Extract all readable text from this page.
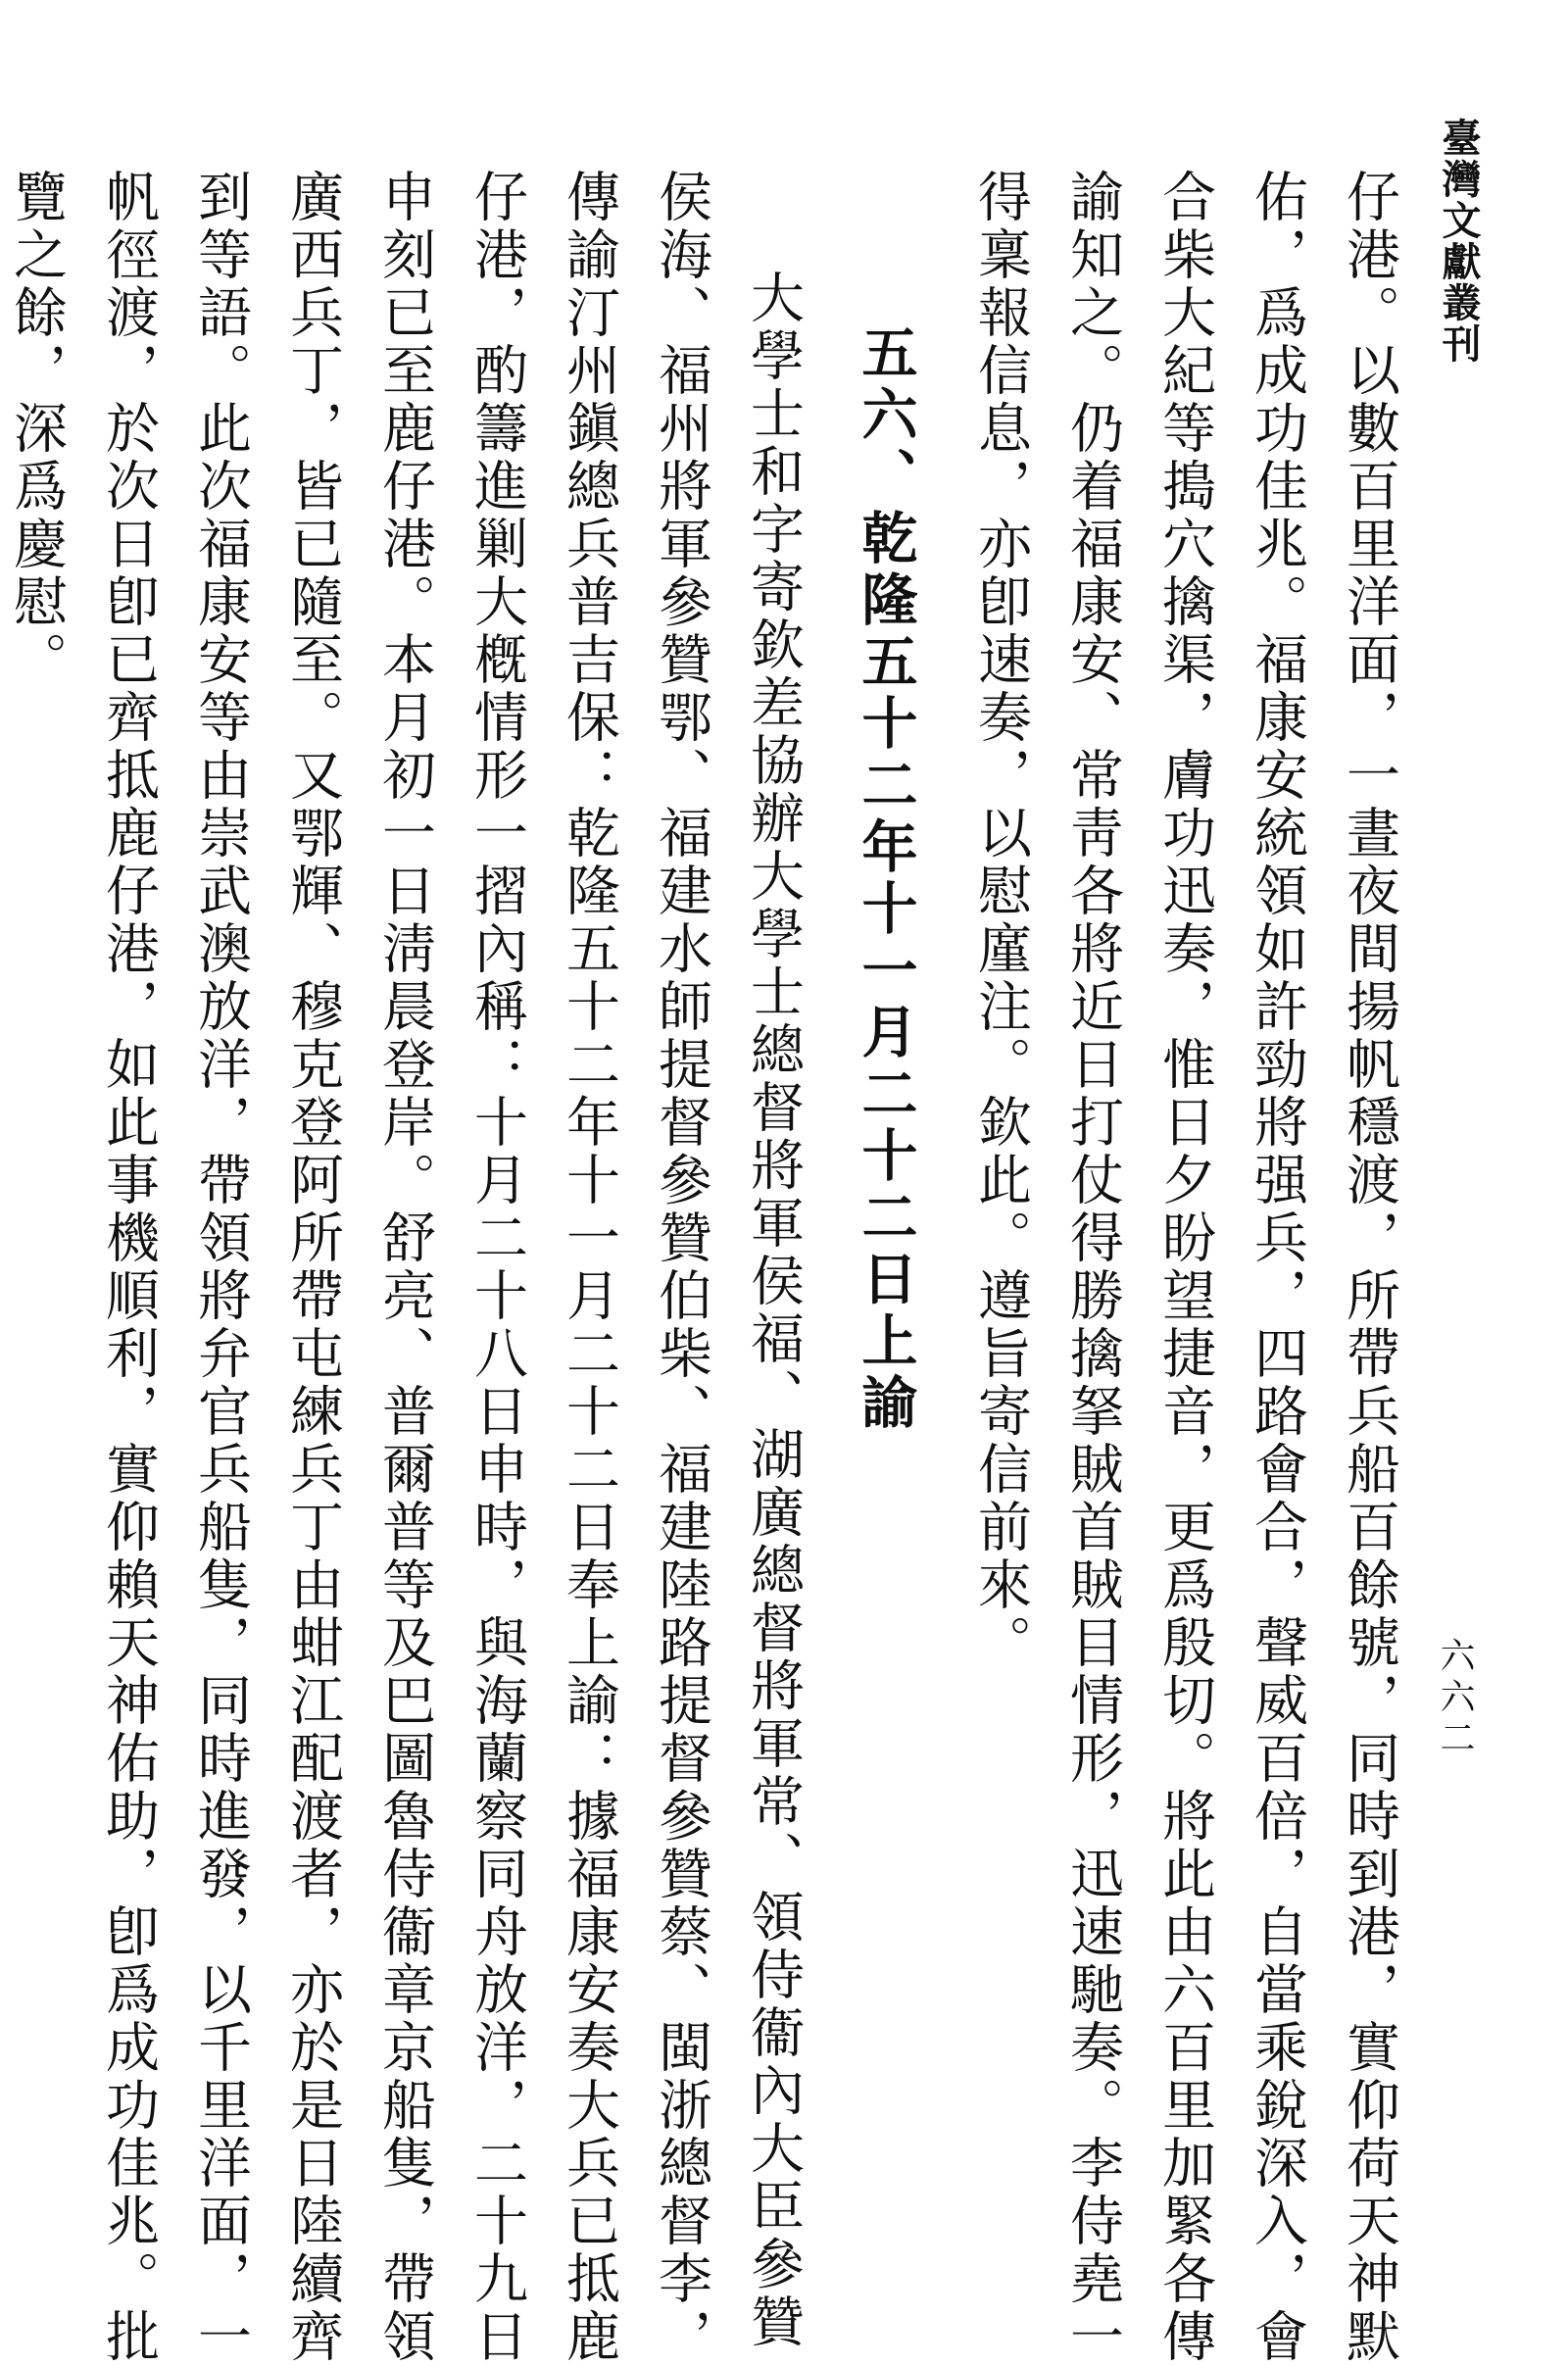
臺灣文獻叢刊
六六二
仔港。以數百里洋面，一晝夜間揚帆穩渡，所帶兵船百餘號，同時到港，實仰荷天神默
佑，爲成功佳兆。福康安統領如許勁將强兵，四路會合，聲威百倍，自當乘銳深入，會
合柴大紀等搗穴擒渠，膚功迅奏，惟日夕盼望捷音，更爲殷切。將此由六百里加緊各傳
諭知之。仍着福康安、常靑各將近日打仗得勝擒拏賊首賊目情形，迅速馳奏。李侍堯一
得稟報信息，亦卽速奏，以慰廑注。欽此。遵旨寄信前來。
五六、乾隆五十二年十一月二十二日上諭
大學士和字寄欽差協辦大學士總督將軍侯福、湖廣總督將軍常、領侍衞內大臣參贊
侯海、福州將軍參贊鄂、福建水師提督參贊伯柴、福建陸路提督參贊蔡、閩浙總督李，
傳諭汀州鎭總兵普吉保：乾隆五十二年十一月二十二日奉上諭：據福康安奏大兵已抵鹿
仔港，酌籌進剿大槪情形一摺內稱：十月二十八日申時，與海蘭察同舟放洋，二十九日
申刻已至鹿仔港。本月初一日淸晨登岸。舒亮、普爾普等及巴圖魯侍衞章京船隻，帶領
廣西兵丁，皆已隨至。又鄂輝、穆克登阿所帶屯練兵丁由蚶江配渡者，亦於是日陸續齊
到等語。此次福康安等由崇武澳放洋，帶領將弁官兵船隻，同時進發，以千里洋面，一
帆徑渡，於次日卽已齊抵鹿仔港，如此事機順利，實仰賴天神佑助，卽爲成功佳兆。批
覽之餘，深爲慶慰。
